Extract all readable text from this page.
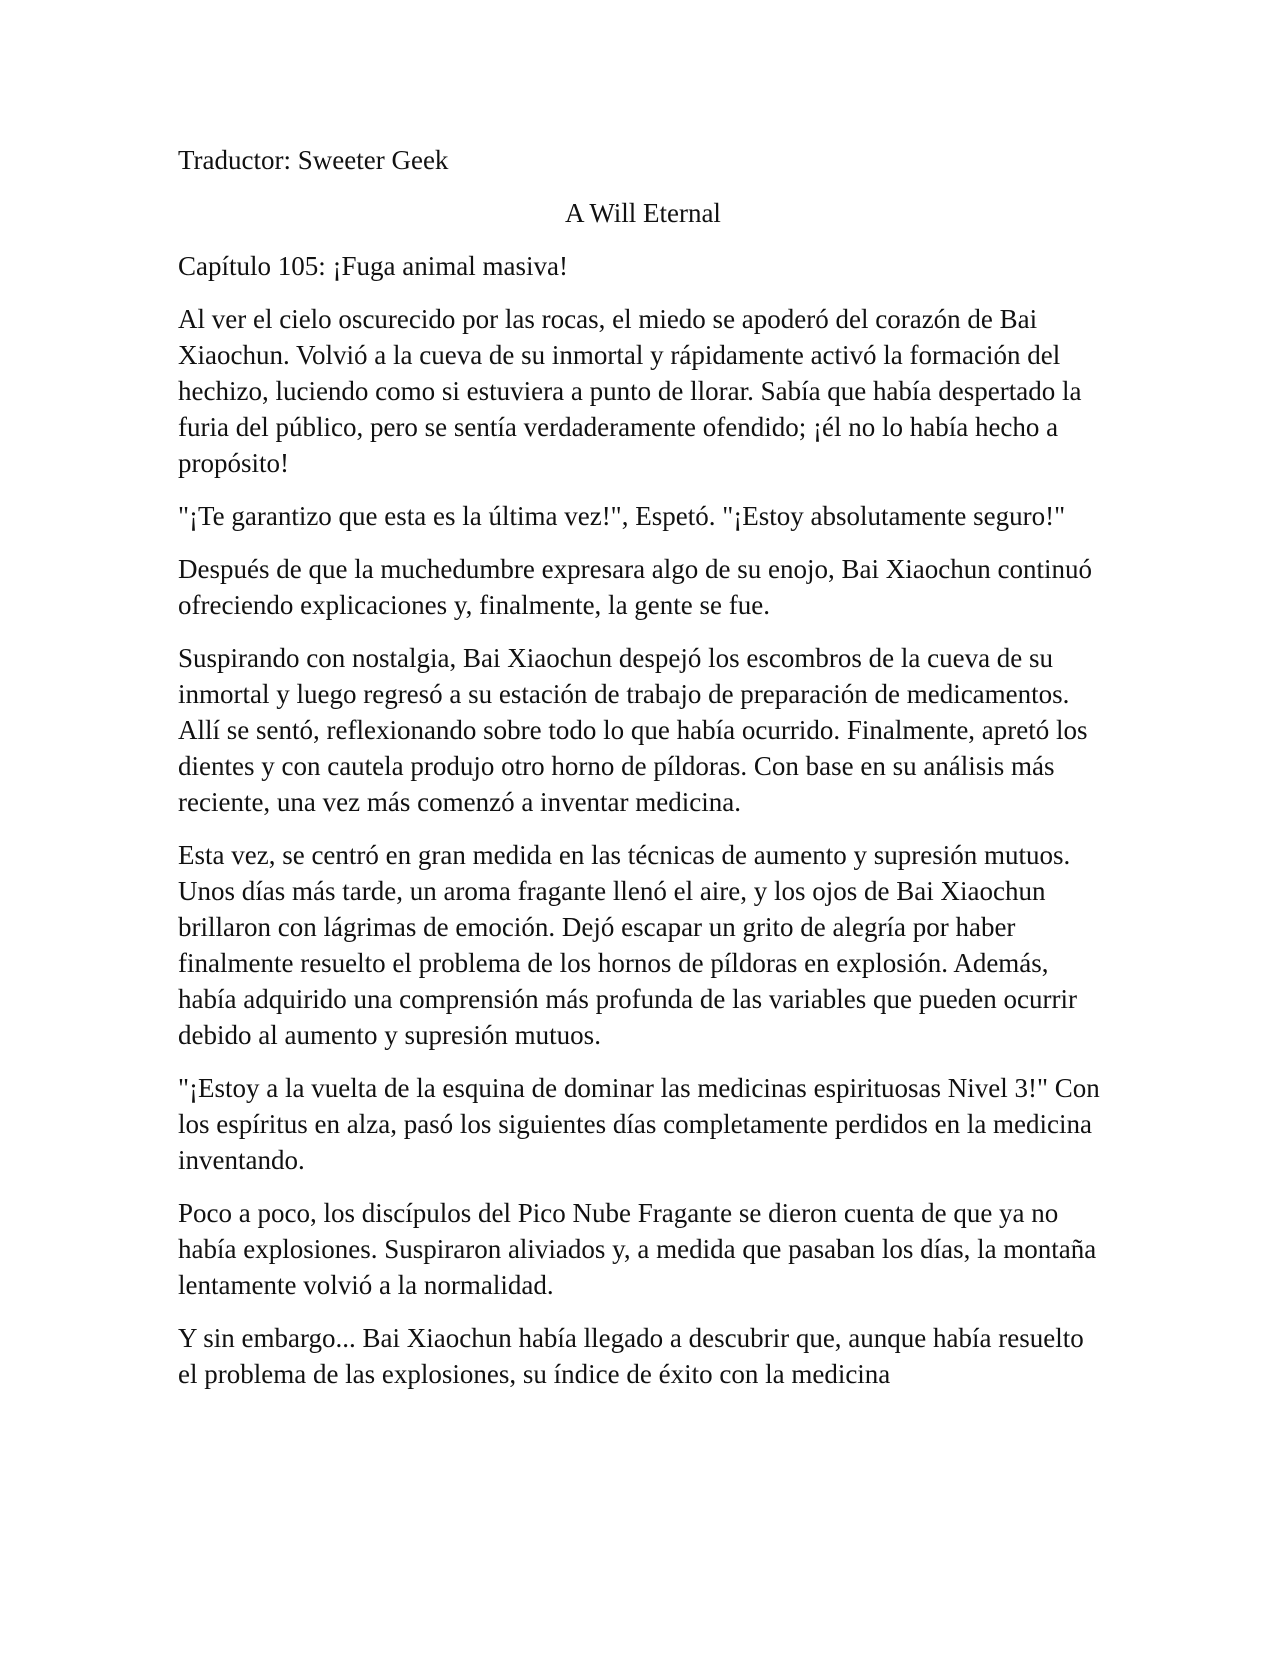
Traductor: Sweeter Geek

A Will Eternal

Capítulo 105: ¡Fuga animal masiva!

Al ver el cielo oscurecido por las rocas, el miedo se apoderó del corazón de Bai Xiaochun. Volvió a la cueva de su inmortal y rápidamente activó la formación del hechizo, luciendo como si estuviera a punto de llorar. Sabía que había despertado la furia del público, pero se sentía verdaderamente ofendido; ¡él no lo había hecho a propósito!

"¡Te garantizo que esta es la última vez!", Espetó. "¡Estoy absolutamente seguro!"

Después de que la muchedumbre expresara algo de su enojo, Bai Xiaochun continuó ofreciendo explicaciones y, finalmente, la gente se fue.

Suspirando con nostalgia, Bai Xiaochun despejó los escombros de la cueva de su inmortal y luego regresó a su estación de trabajo de preparación de medicamentos. Allí se sentó, reflexionando sobre todo lo que había ocurrido. Finalmente, apretó los dientes y con cautela produjo otro horno de píldoras. Con base en su análisis más reciente, una vez más comenzó a inventar medicina.

Esta vez, se centró en gran medida en las técnicas de aumento y supresión mutuos. Unos días más tarde, un aroma fragante llenó el aire, y los ojos de Bai Xiaochun brillaron con lágrimas de emoción. Dejó escapar un grito de alegría por haber finalmente resuelto el problema de los hornos de píldoras en explosión. Además, había adquirido una comprensión más profunda de las variables que pueden ocurrir debido al aumento y supresión mutuos.

"¡Estoy a la vuelta de la esquina de dominar las medicinas espirituosas Nivel 3!" Con los espíritus en alza, pasó los siguientes días completamente perdidos en la medicina inventando.

Poco a poco, los discípulos del Pico Nube Fragante se dieron cuenta de que ya no había explosiones. Suspiraron aliviados y, a medida que pasaban los días, la montaña lentamente volvió a la normalidad.

Y sin embargo... Bai Xiaochun había llegado a descubrir que, aunque había resuelto el problema de las explosiones, su índice de éxito con la medicina
